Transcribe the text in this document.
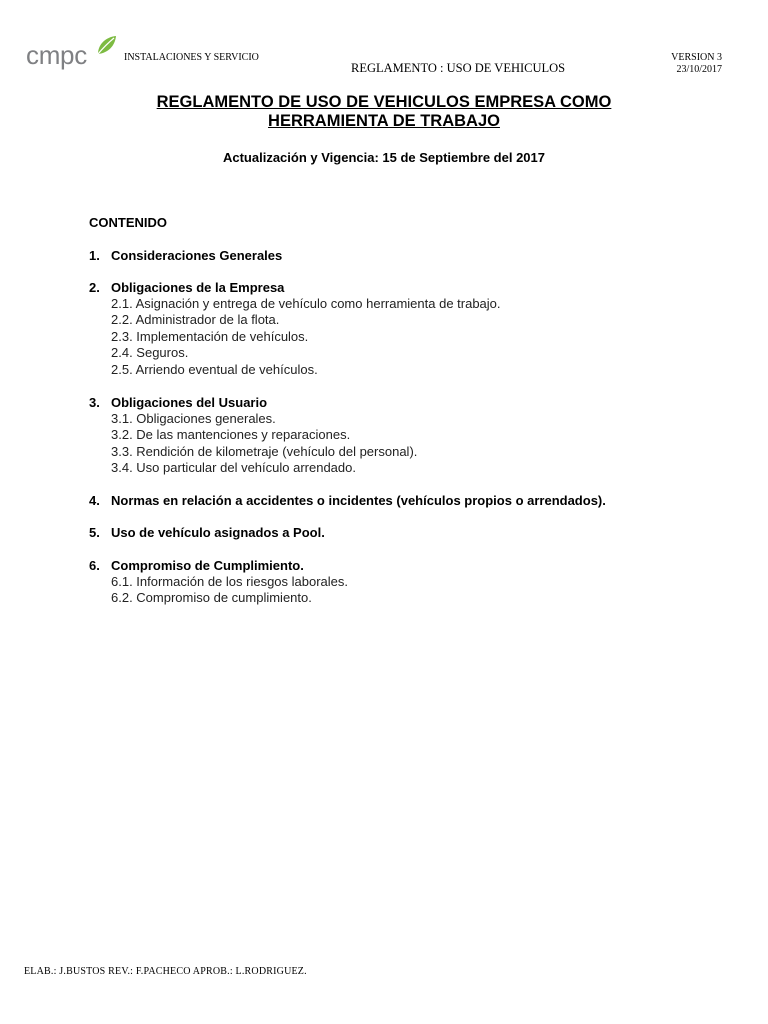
cmpc	INSTALACIONES Y SERVICIO
REGLAMENTO : USO DE VEHICULOS
VERSION 3
23/10/2017
REGLAMENTO DE USO DE VEHICULOS EMPRESA COMO
HERRAMIENTA DE TRABAJO
Actualización y Vigencia: 15 de Septiembre del 2017
CONTENIDO
1. Consideraciones Generales
2. Obligaciones de la Empresa
2.1. Asignación y entrega de vehículo como herramienta de trabajo.
2.2. Administrador de la flota.
2.3. Implementación de vehículos.
2.4. Seguros.
2.5. Arriendo eventual de vehículos.
3. Obligaciones del Usuario
3.1. Obligaciones generales.
3.2. De las mantenciones y reparaciones.
3.3. Rendición de kilometraje (vehículo del personal).
3.4. Uso particular del vehículo arrendado.
4. Normas en relación a accidentes o incidentes (vehículos propios o arrendados).
5. Uso de vehículo asignados a Pool.
6. Compromiso de Cumplimiento.
6.1. Información de los riesgos laborales.
6.2. Compromiso de cumplimiento.
ELAB.: J.BUSTOS REV.: F.PACHECO APROB.: L.RODRIGUEZ.
